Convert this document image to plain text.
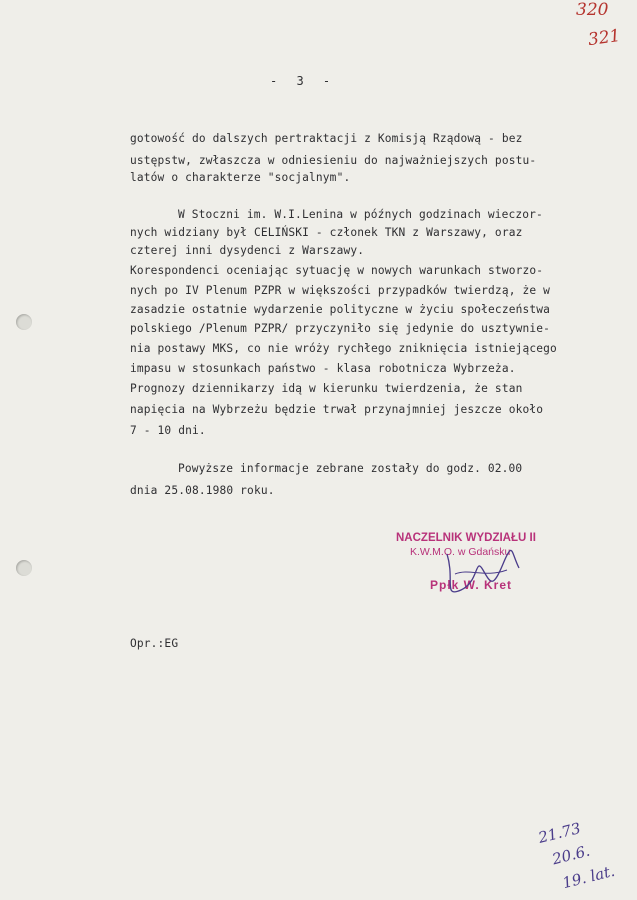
320
321
- 3 -
gotowość do dalszych pertraktacji z Komisją Rządową - bez
ustępstw, zwłaszcza w odniesieniu do najważniejszych postu-
latów o charakterze "socjalnym".
W Stoczni im. W.I.Lenina w późnych godzinach wieczor-
nych widziany był CELIŃSKI - członek TKN z Warszawy, oraz
czterej inni dysydenci z Warszawy.
Korespondenci oceniając sytuację w nowych warunkach stworzo-
nych po IV Plenum PZPR w większości przypadków twierdzą, że w
zasadzie ostatnie wydarzenie polityczne w życiu społeczeństwa
polskiego /Plenum PZPR/ przyczyniło się jedynie do usztywnie-
nia postawy MKS, co nie wróży rychłego zniknięcia istniejącego
impasu w stosunkach państwo - klasa robotnicza Wybrzeża.
Prognozy dziennikarzy idą w kierunku twierdzenia, że stan
napięcia na Wybrzeżu będzie trwał przynajmniej jeszcze około
7 - 10 dni.
Powyższe informacje zebrane zostały do godz. 02.00
dnia 25.08.1980 roku.
NACZELNIK WYDZIAŁU II
K.W.M.O. w Gdańsku
Ppłk W. Kret
Opr.:EG
21.73
20.6.
19. lat.
